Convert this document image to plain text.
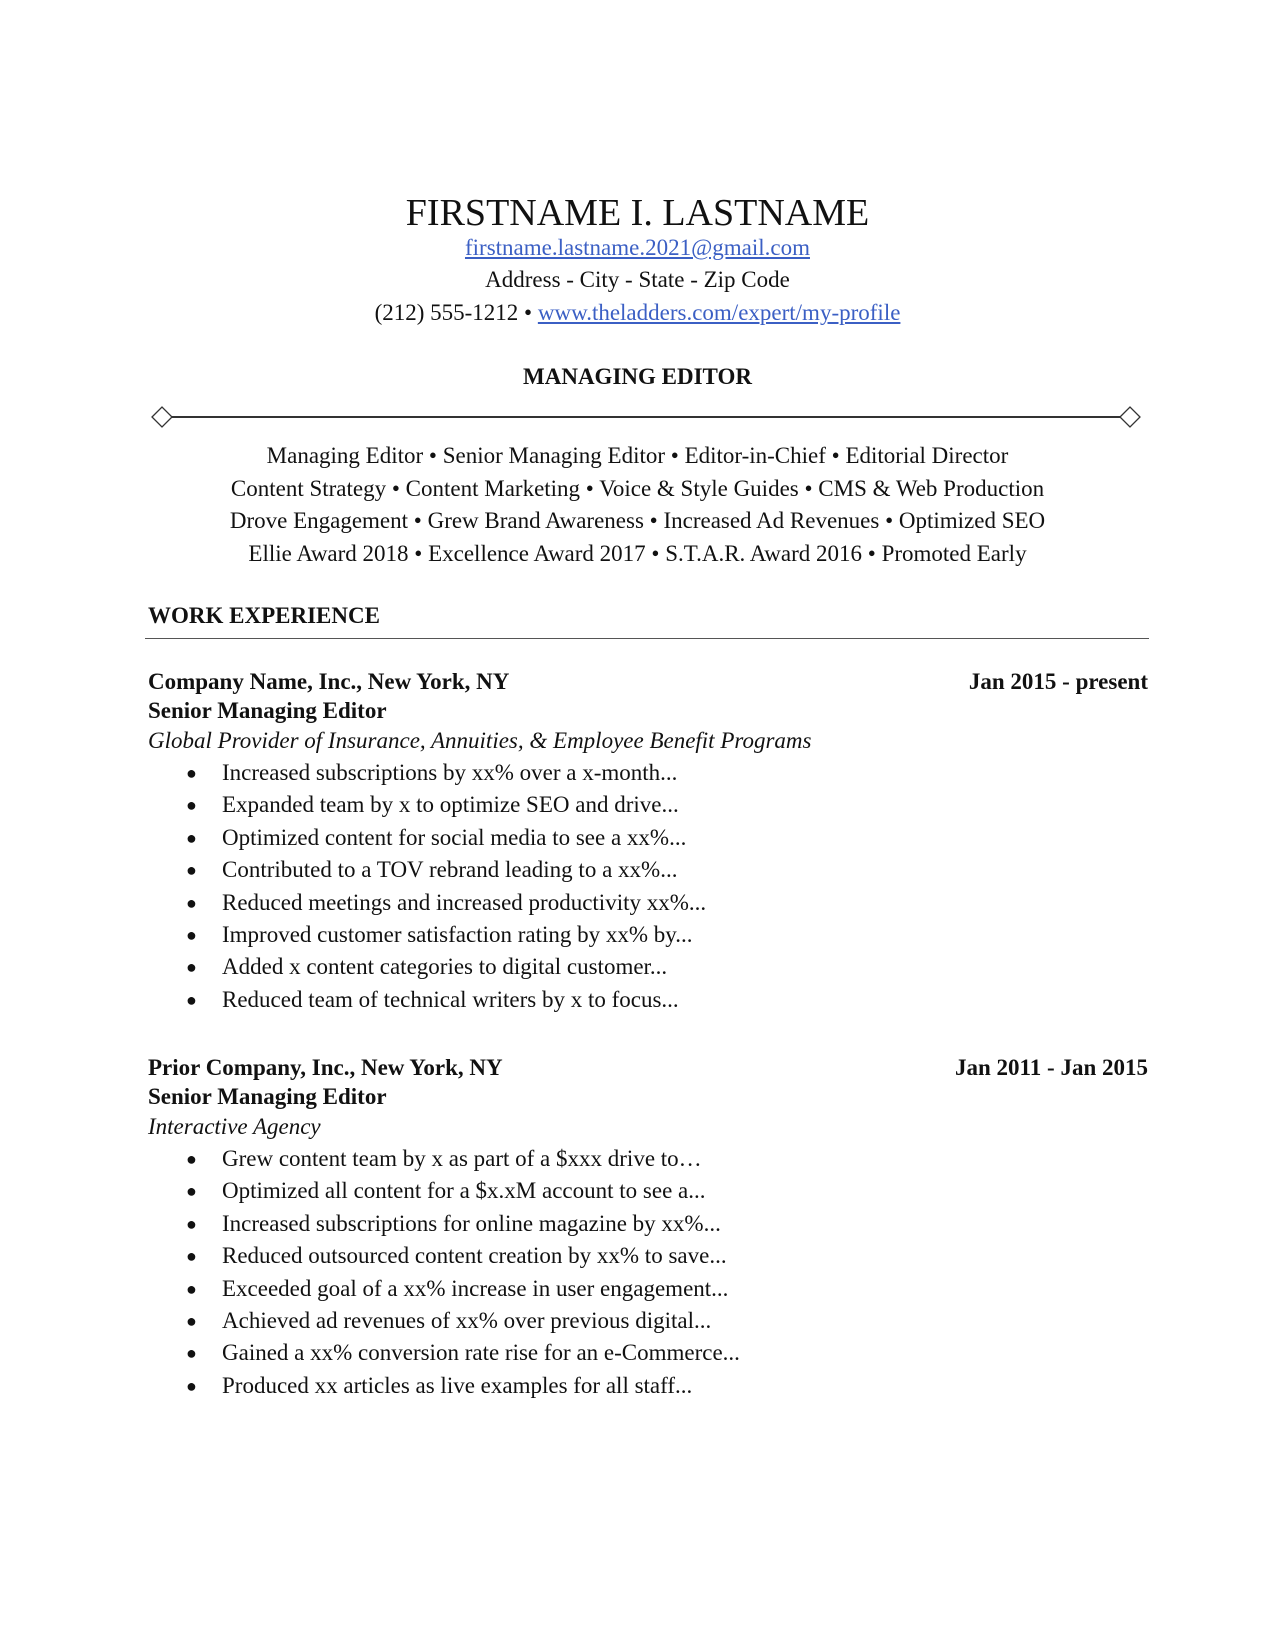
FIRSTNAME I. LASTNAME
firstname.lastname.2021@gmail.com
Address - City - State - Zip Code
(212) 555-1212 • www.theladders.com/expert/my-profile
MANAGING EDITOR
Managing Editor • Senior Managing Editor • Editor-in-Chief • Editorial Director
Content Strategy • Content Marketing • Voice & Style Guides • CMS & Web Production
Drove Engagement • Grew Brand Awareness • Increased Ad Revenues • Optimized SEO
Ellie Award 2018 • Excellence Award 2017 • S.T.A.R. Award 2016 • Promoted Early
WORK EXPERIENCE
Company Name, Inc., New York, NY	Jan 2015 - present
Senior Managing Editor
Global Provider of Insurance, Annuities, & Employee Benefit Programs
● Increased subscriptions by xx% over a x-month...
● Expanded team by x to optimize SEO and drive...
● Optimized content for social media to see a xx%...
● Contributed to a TOV rebrand leading to a xx%...
● Reduced meetings and increased productivity xx%...
● Improved customer satisfaction rating by xx% by...
● Added x content categories to digital customer...
● Reduced team of technical writers by x to focus...
Prior Company, Inc., New York, NY	Jan 2011 - Jan 2015
Senior Managing Editor
Interactive Agency
● Grew content team by x as part of a $xxx drive to…
● Optimized all content for a $x.xM account to see a...
● Increased subscriptions for online magazine by xx%...
● Reduced outsourced content creation by xx% to save...
● Exceeded goal of a xx% increase in user engagement...
● Achieved ad revenues of xx% over previous digital...
● Gained a xx% conversion rate rise for an e-Commerce...
● Produced xx articles as live examples for all staff...
